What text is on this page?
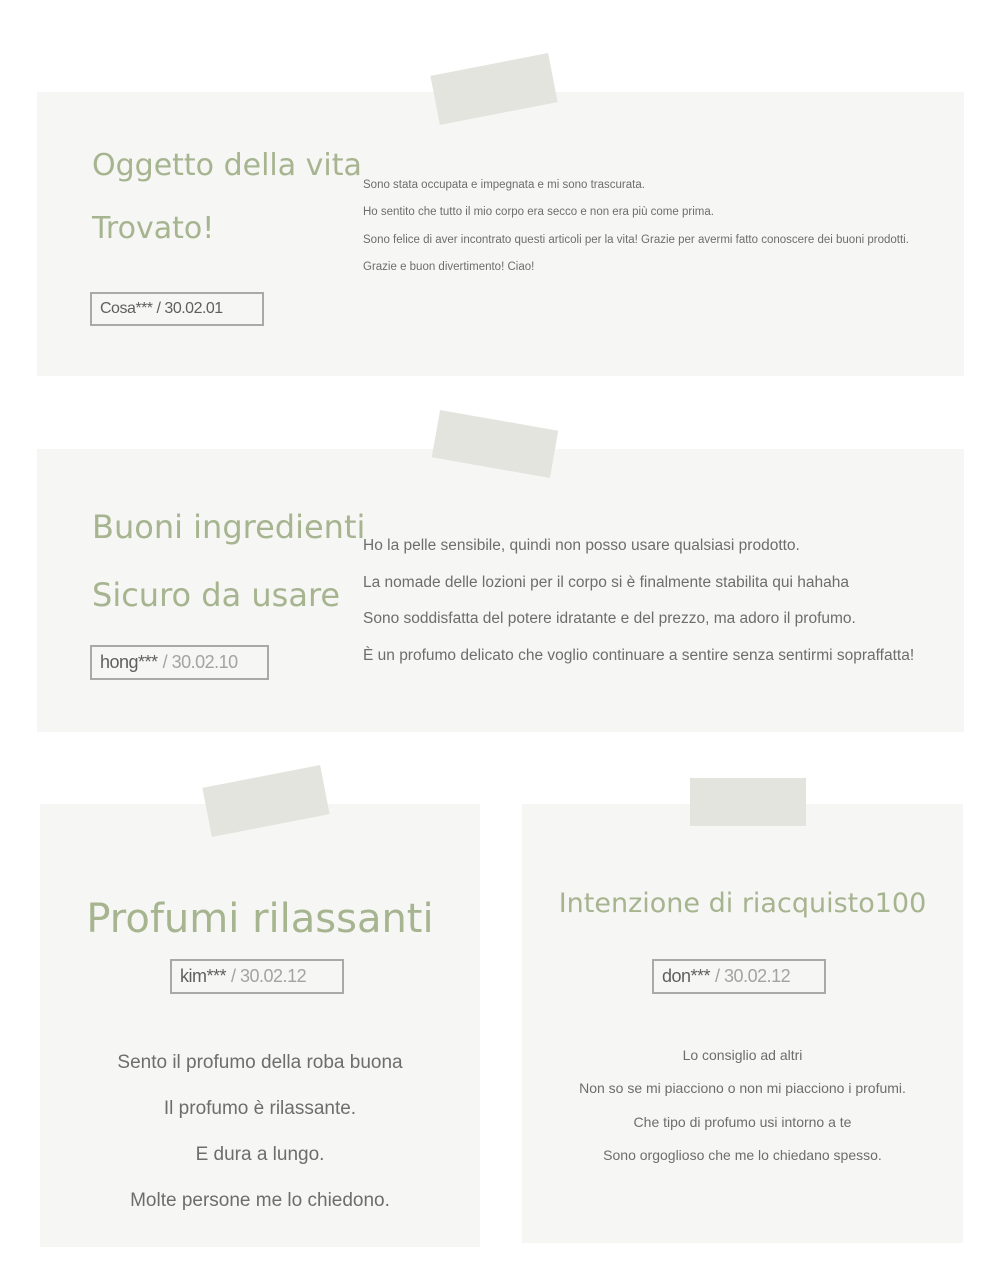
Oggetto della vita
Trovato!
Cosa*** / 30.02.01
Sono stata occupata e impegnata e mi sono trascurata.
Ho sentito che tutto il mio corpo era secco e non era più come prima.
Sono felice di aver incontrato questi articoli per la vita! Grazie per avermi fatto conoscere dei buoni prodotti.
Grazie e buon divertimento! Ciao!
Buoni ingredienti
Sicuro da usare
hong*** / 30.02.10
Ho la pelle sensibile, quindi non posso usare qualsiasi prodotto.
La nomade delle lozioni per il corpo si è finalmente stabilita qui hahaha
Sono soddisfatta del potere idratante e del prezzo, ma adoro il profumo.
È un profumo delicato che voglio continuare a sentire senza sentirmi sopraffatta!
Profumi rilassanti
kim*** / 30.02.12
Sento il profumo della roba buona
Il profumo è rilassante.
E dura a lungo.
Molte persone me lo chiedono.
Intenzione di riacquisto100
don*** / 30.02.12
Lo consiglio ad altri
Non so se mi piacciono o non mi piacciono i profumi.
Che tipo di profumo usi intorno a te
Sono orgoglioso che me lo chiedano spesso.
